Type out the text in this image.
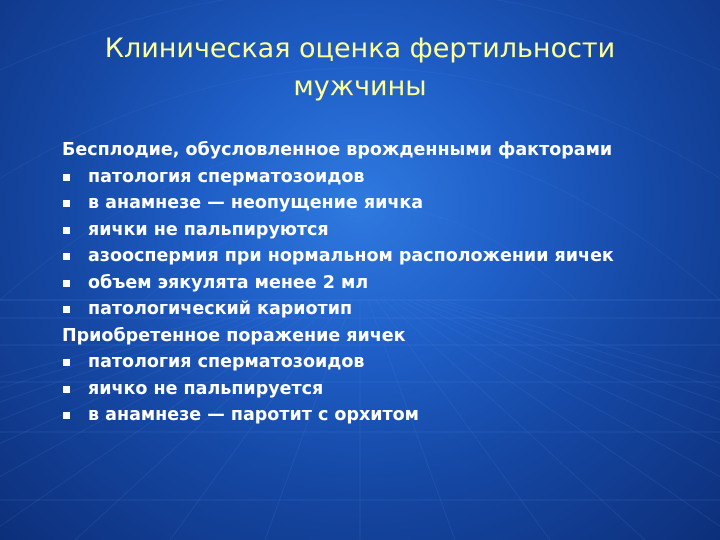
Клиническая оценка фертильности мужчины
Бесплодие, обусловленное врожденными факторами
патология сперматозоидов
в анамнезе — неопущение яичка
яички не пальпируются
азооспермия при нормальном расположении яичек
объем эякулята менее 2 мл
патологический кариотип
Приобретенное поражение яичек
патология сперматозоидов
яичко не пальпируется
в анамнезе — паротит с орхитом
